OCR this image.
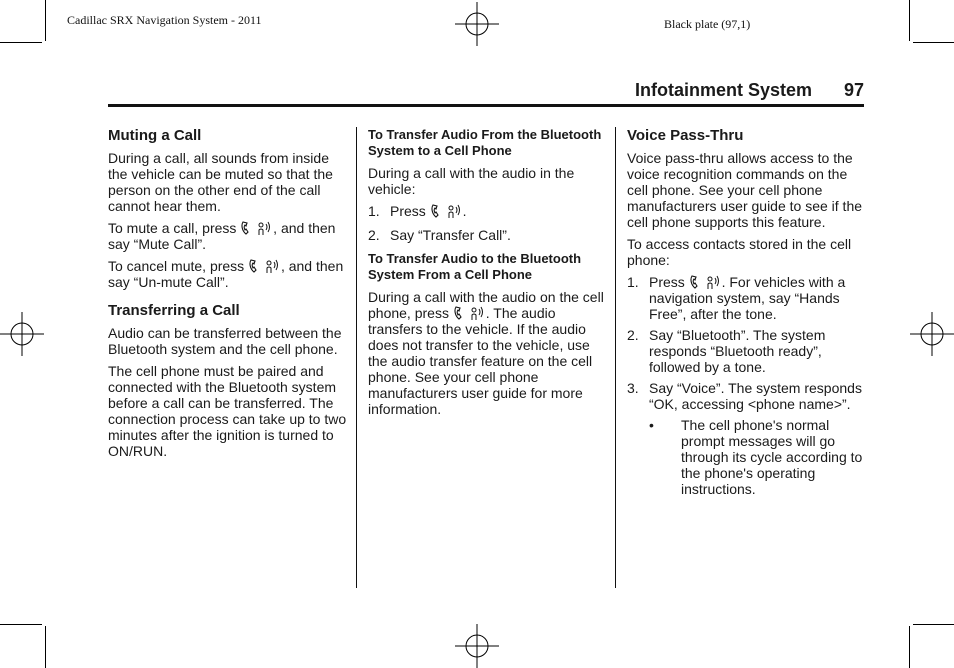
Cadillac SRX Navigation System - 2011	Black plate (97,1)
Infotainment System 97
Muting a Call

During a call, all sounds from inside the vehicle can be muted so that the person on the other end of the call cannot hear them.

To mute a call, press	, and then say “Mute Call”.

To cancel mute, press	, and then say “Un-mute Call”.

Transferring a Call

Audio can be transferred between the Bluetooth system and the cell phone.

The cell phone must be paired and connected with the Bluetooth system before a call can be transferred. The connection process can take up to two minutes after the ignition is turned to ON/RUN.

To Transfer Audio From the Bluetooth System to a Cell Phone

During a call with the audio in the vehicle:

1. Press	.
2. Say “Transfer Call”.
To Transfer Audio to the Bluetooth System From a Cell Phone

During a call with the audio on the cell phone, press	. The audio transfers to the vehicle. If the audio does not transfer to the vehicle, use the audio transfer feature on the cell phone. See your cell phone manufacturers user guide for more information.

Voice Pass-Thru

Voice pass-thru allows access to the voice recognition commands on the cell phone. See your cell phone manufacturers user guide to see if the cell phone supports this feature.

To access contacts stored in the cell phone:

1. Press	. For vehicles with a navigation system, say “Hands Free”, after the tone.
2. Say “Bluetooth”. The system responds “Bluetooth ready”, followed by a tone.
3. Say “Voice”. The system responds “OK, accessing <phone name>”.
•	The cell phone's normal prompt messages will go through its cycle according to the phone's operating instructions.
